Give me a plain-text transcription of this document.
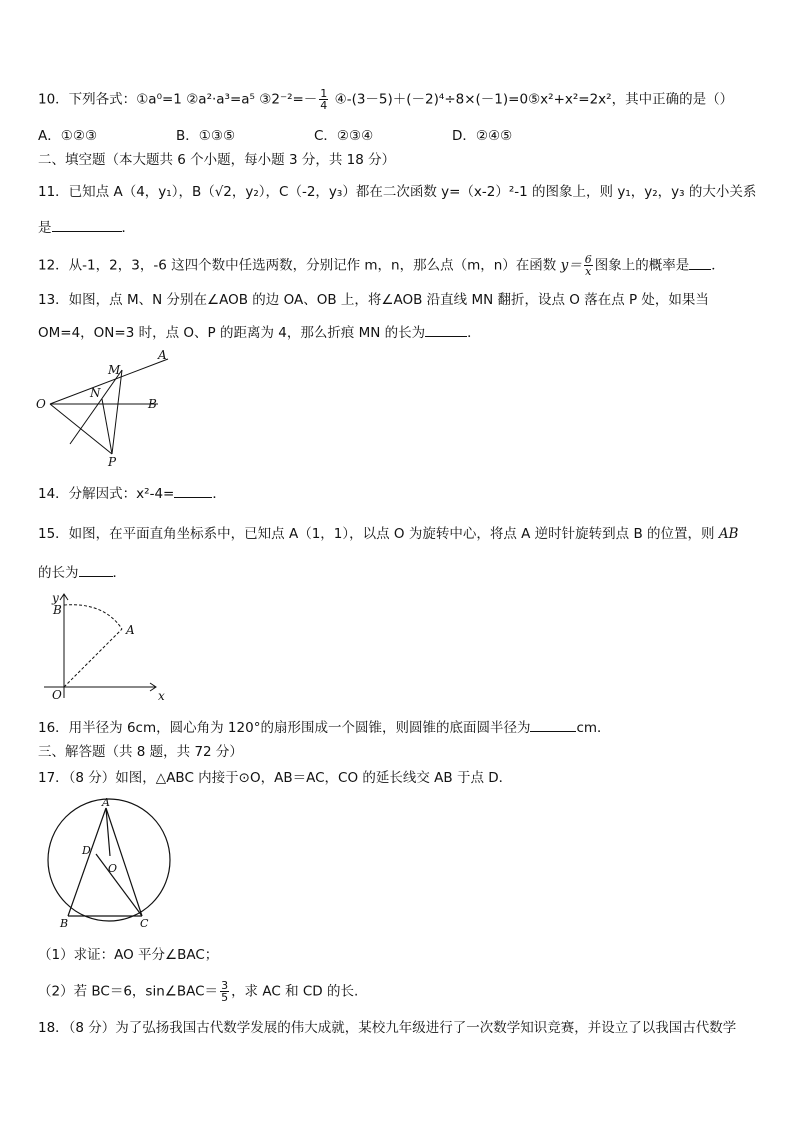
10．下列各式：①a⁰=1 ②a²·a³=a⁵ ③2⁻²=－ $\frac{1}{4}$ ④-(3－5)＋(－2)⁴÷8×(－1)=0⑤x²+x²=2x²，其中正确的是（）
A．①②③	B．①③⑤	C．②③④	D．②④⑤
二、填空题（本大题共 6 个小题，每小题 3 分，共 18 分）
11．已知点 A（4，y₁），B（√2，y₂），C（-2，y₃）都在二次函数 y=（x-2）²-1 的图象上，则 y₁，y₂，y₃ 的大小关系
是	．
12．从-1，2，3，-6 这四个数中任选两数，分别记作 m，n，那么点（m，n）在函数 $y= \frac{6}{x}$ 图象上的概率是 ．
13．如图，点 M、N 分别在∠AOB 的边 OA、OB 上，将∠AOB 沿直线 MN 翻折，设点 O 落在点 P 处，如果当
OM=4，ON=3 时，点 O、P 的距离为 4，那么折痕 MN 的长为	．
M
A
N
O	B
P
14．分解因式：x²-4=	．
15．如图，在平面直角坐标系中，已知点 A（1，1），以点 O 为旋转中心，将点 A 逆时针旋转到点 B 的位置，则 AB
的长为	．
y
B
A
O	x
16．用半径为 6cm，圆心角为 120°的扇形围成一个圆锥，则圆锥的底面圆半径为	cm．
三、解答题（共 8 题，共 72 分）
17．（8 分）如图，△ABC 内接于⊙O，AB＝AC，CO 的延长线交 AB 于点 D．
A
D
O
B	C
（1）求证：AO 平分∠BAC；
（2）若 BC＝6，sin∠BAC＝ $\frac{3}{5}$ ，求 AC 和 CD 的长.
18．（8 分）为了弘扬我国古代数学发展的伟大成就，某校九年级进行了一次数学知识竞赛，并设立了以我国古代数学
